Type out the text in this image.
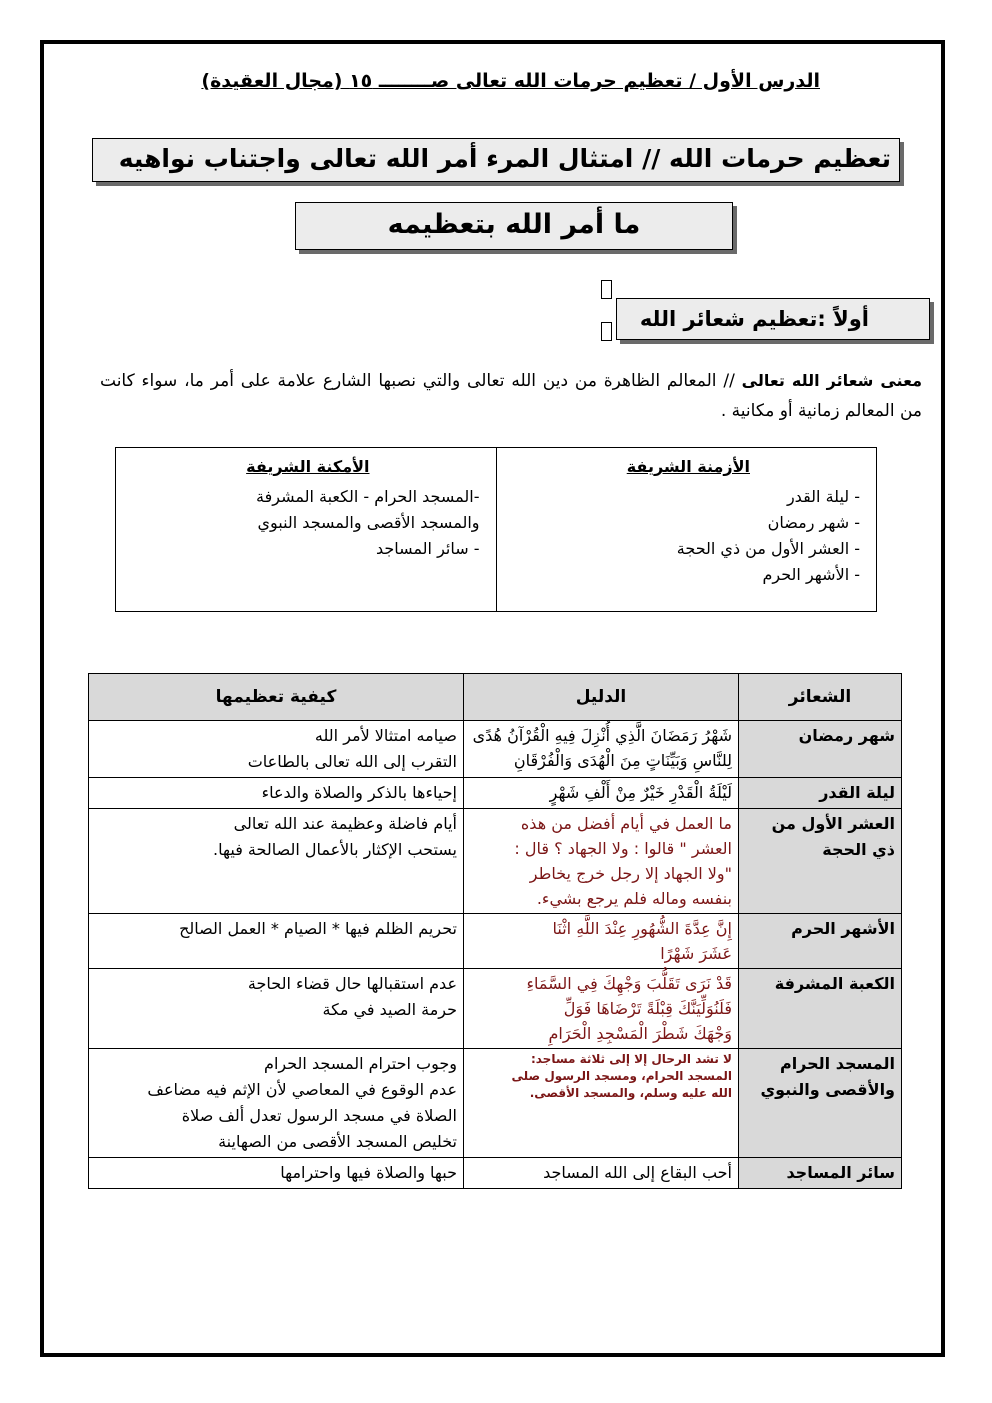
الدرس الأول / تعظيم حرمات الله تعالى صــــــــ ١٥ (مجال العقيدة)
تعظيم حرمات الله // امتثال المرء أمر الله تعالى واجتناب نواهيه
ما أمر الله بتعظيمه
أولاً :تعظيم شعائر الله
معنى شعائر الله تعالى // المعالم الظاهرة من دين الله تعالى والتي نصبها الشارع علامة على أمر ما، سواء كانت من المعالم زمانية أو مكانية .
الأزمنة الشريفة
- ليلة القدر
- شهر رمضان
- العشر الأول من ذي الحجة
- الأشهر الحرم
الأمكنة الشريفة
-المسجد الحرام - الكعبة المشرفة
والمسجد الأقصى والمسجد النبوي
- سائر المساجد
الشعائر	الدليل	كيفية تعظيمها
شهر رمضان	شَهْرُ رَمَضَانَ الَّذِي أُنْزِلَ فِيهِ الْقُرْآنُ هُدًى
لِلنَّاسِ وَبَيِّنَاتٍ مِنَ الْهُدَى وَالْفُرْقَانِ	صيامه امتثالا لأمر الله
التقرب إلى الله تعالى بالطاعات

ليلة القدر	لَيْلَةُ الْقَدْرِ خَيْرٌ مِنْ أَلْفِ شَهْرٍ	إحياءها بالذكر والصلاة والدعاء

العشر الأول من ذي الحجة	ما العمل في أيام أفضل من هذه
العشر " قالوا : ولا الجهاد ؟ قال :
"ولا الجهاد إلا رجل خرج يخاطر
بنفسه وماله فلم يرجع بشيء.	أيام فاضلة وعظيمة عند الله تعالى
يستحب الإكثار بالأعمال الصالحة فيها.

الأشهر الحرم	إِنَّ عِدَّةَ الشُّهُورِ عِنْدَ اللَّهِ اثْنَا
عَشَرَ شَهْرًا	تحريم الظلم فيها * الصيام * العمل الصالح

الكعبة المشرفة	قَدْ نَرَى تَقَلُّبَ وَجْهِكَ فِي السَّمَاءِ
فَلَنُوَلِّيَنَّكَ قِبْلَةً تَرْضَاهَا فَوَلِّ
وَجْهَكَ شَطْرَ الْمَسْجِدِ الْحَرَامِ	عدم استقبالها حال قضاء الحاجة
حرمة الصيد في مكة

المسجد الحرام والأقصى والنبوي	لا تشد الرحال إلا إلى ثلاثة مساجد:
المسجد الحرام، ومسجد الرسول صلى
الله عليه وسلم، والمسجد الأقصى.	وجوب احترام المسجد الحرام
عدم الوقوع في المعاصي لأن الإثم فيه مضاعف
الصلاة في مسجد الرسول تعدل ألف صلاة
تخليص المسجد الأقصى من الصهاينة

سائر المساجد	أحب البقاع إلى الله المساجد	حبها والصلاة فيها واحترامها
